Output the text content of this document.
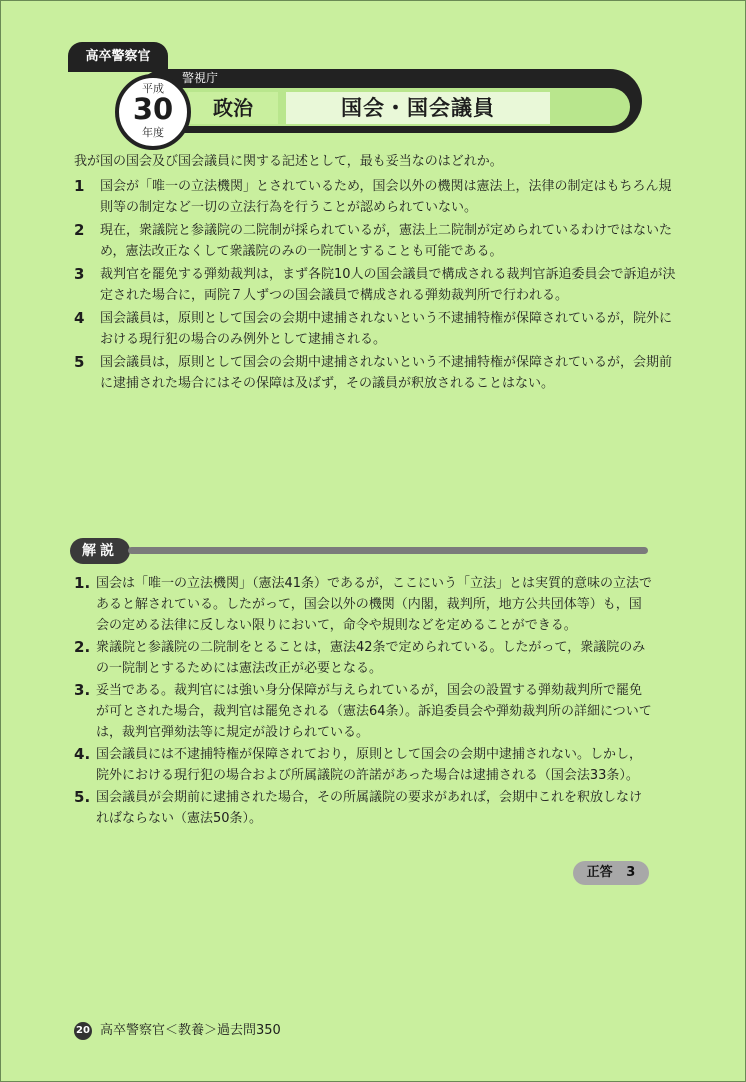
高卒警察官
警視庁
政治	国会・国会議員
平成
30
年度
我が国の国会及び国会議員に関する記述として，最も妥当なのはどれか。
1 国会が「唯一の立法機関」とされているため，国会以外の機関は憲法上，法律の制定はもちろん規則等の制定など一切の立法行為を行うことが認められていない。
2 現在，衆議院と参議院の二院制が採られているが，憲法上二院制が定められているわけではないため，憲法改正なくして衆議院のみの一院制とすることも可能である。
3 裁判官を罷免する弾劾裁判は，まず各院10人の国会議員で構成される裁判官訴追委員会で訴追が決定された場合に，両院７人ずつの国会議員で構成される弾劾裁判所で行われる。
4 国会議員は，原則として国会の会期中逮捕されないという不逮捕特権が保障されているが，院外における現行犯の場合のみ例外として逮捕される。
5 国会議員は，原則として国会の会期中逮捕されないという不逮捕特権が保障されているが，会期前に逮捕された場合にはその保障は及ばず，その議員が釈放されることはない。
解説
1. 国会は「唯一の立法機関」（憲法41条）であるが，ここにいう「立法」とは実質的意味の立法であると解されている。したがって，国会以外の機関（内閣，裁判所，地方公共団体等）も，国会の定める法律に反しない限りにおいて，命令や規則などを定めることができる。
2. 衆議院と参議院の二院制をとることは，憲法42条で定められている。したがって，衆議院のみの一院制とするためには憲法改正が必要となる。
3. 妥当である。裁判官には強い身分保障が与えられているが，国会の設置する弾劾裁判所で罷免が可とされた場合，裁判官は罷免される（憲法64条）。訴追委員会や弾劾裁判所の詳細については，裁判官弾劾法等に規定が設けられている。
4. 国会議員には不逮捕特権が保障されており，原則として国会の会期中逮捕されない。しかし，院外における現行犯の場合および所属議院の許諾があった場合は逮捕される（国会法33条）。
5. 国会議員が会期前に逮捕された場合，その所属議院の要求があれば，会期中これを釈放しなければならない（憲法50条）。
正答 3
20 高卒警察官＜教養＞過去問350
